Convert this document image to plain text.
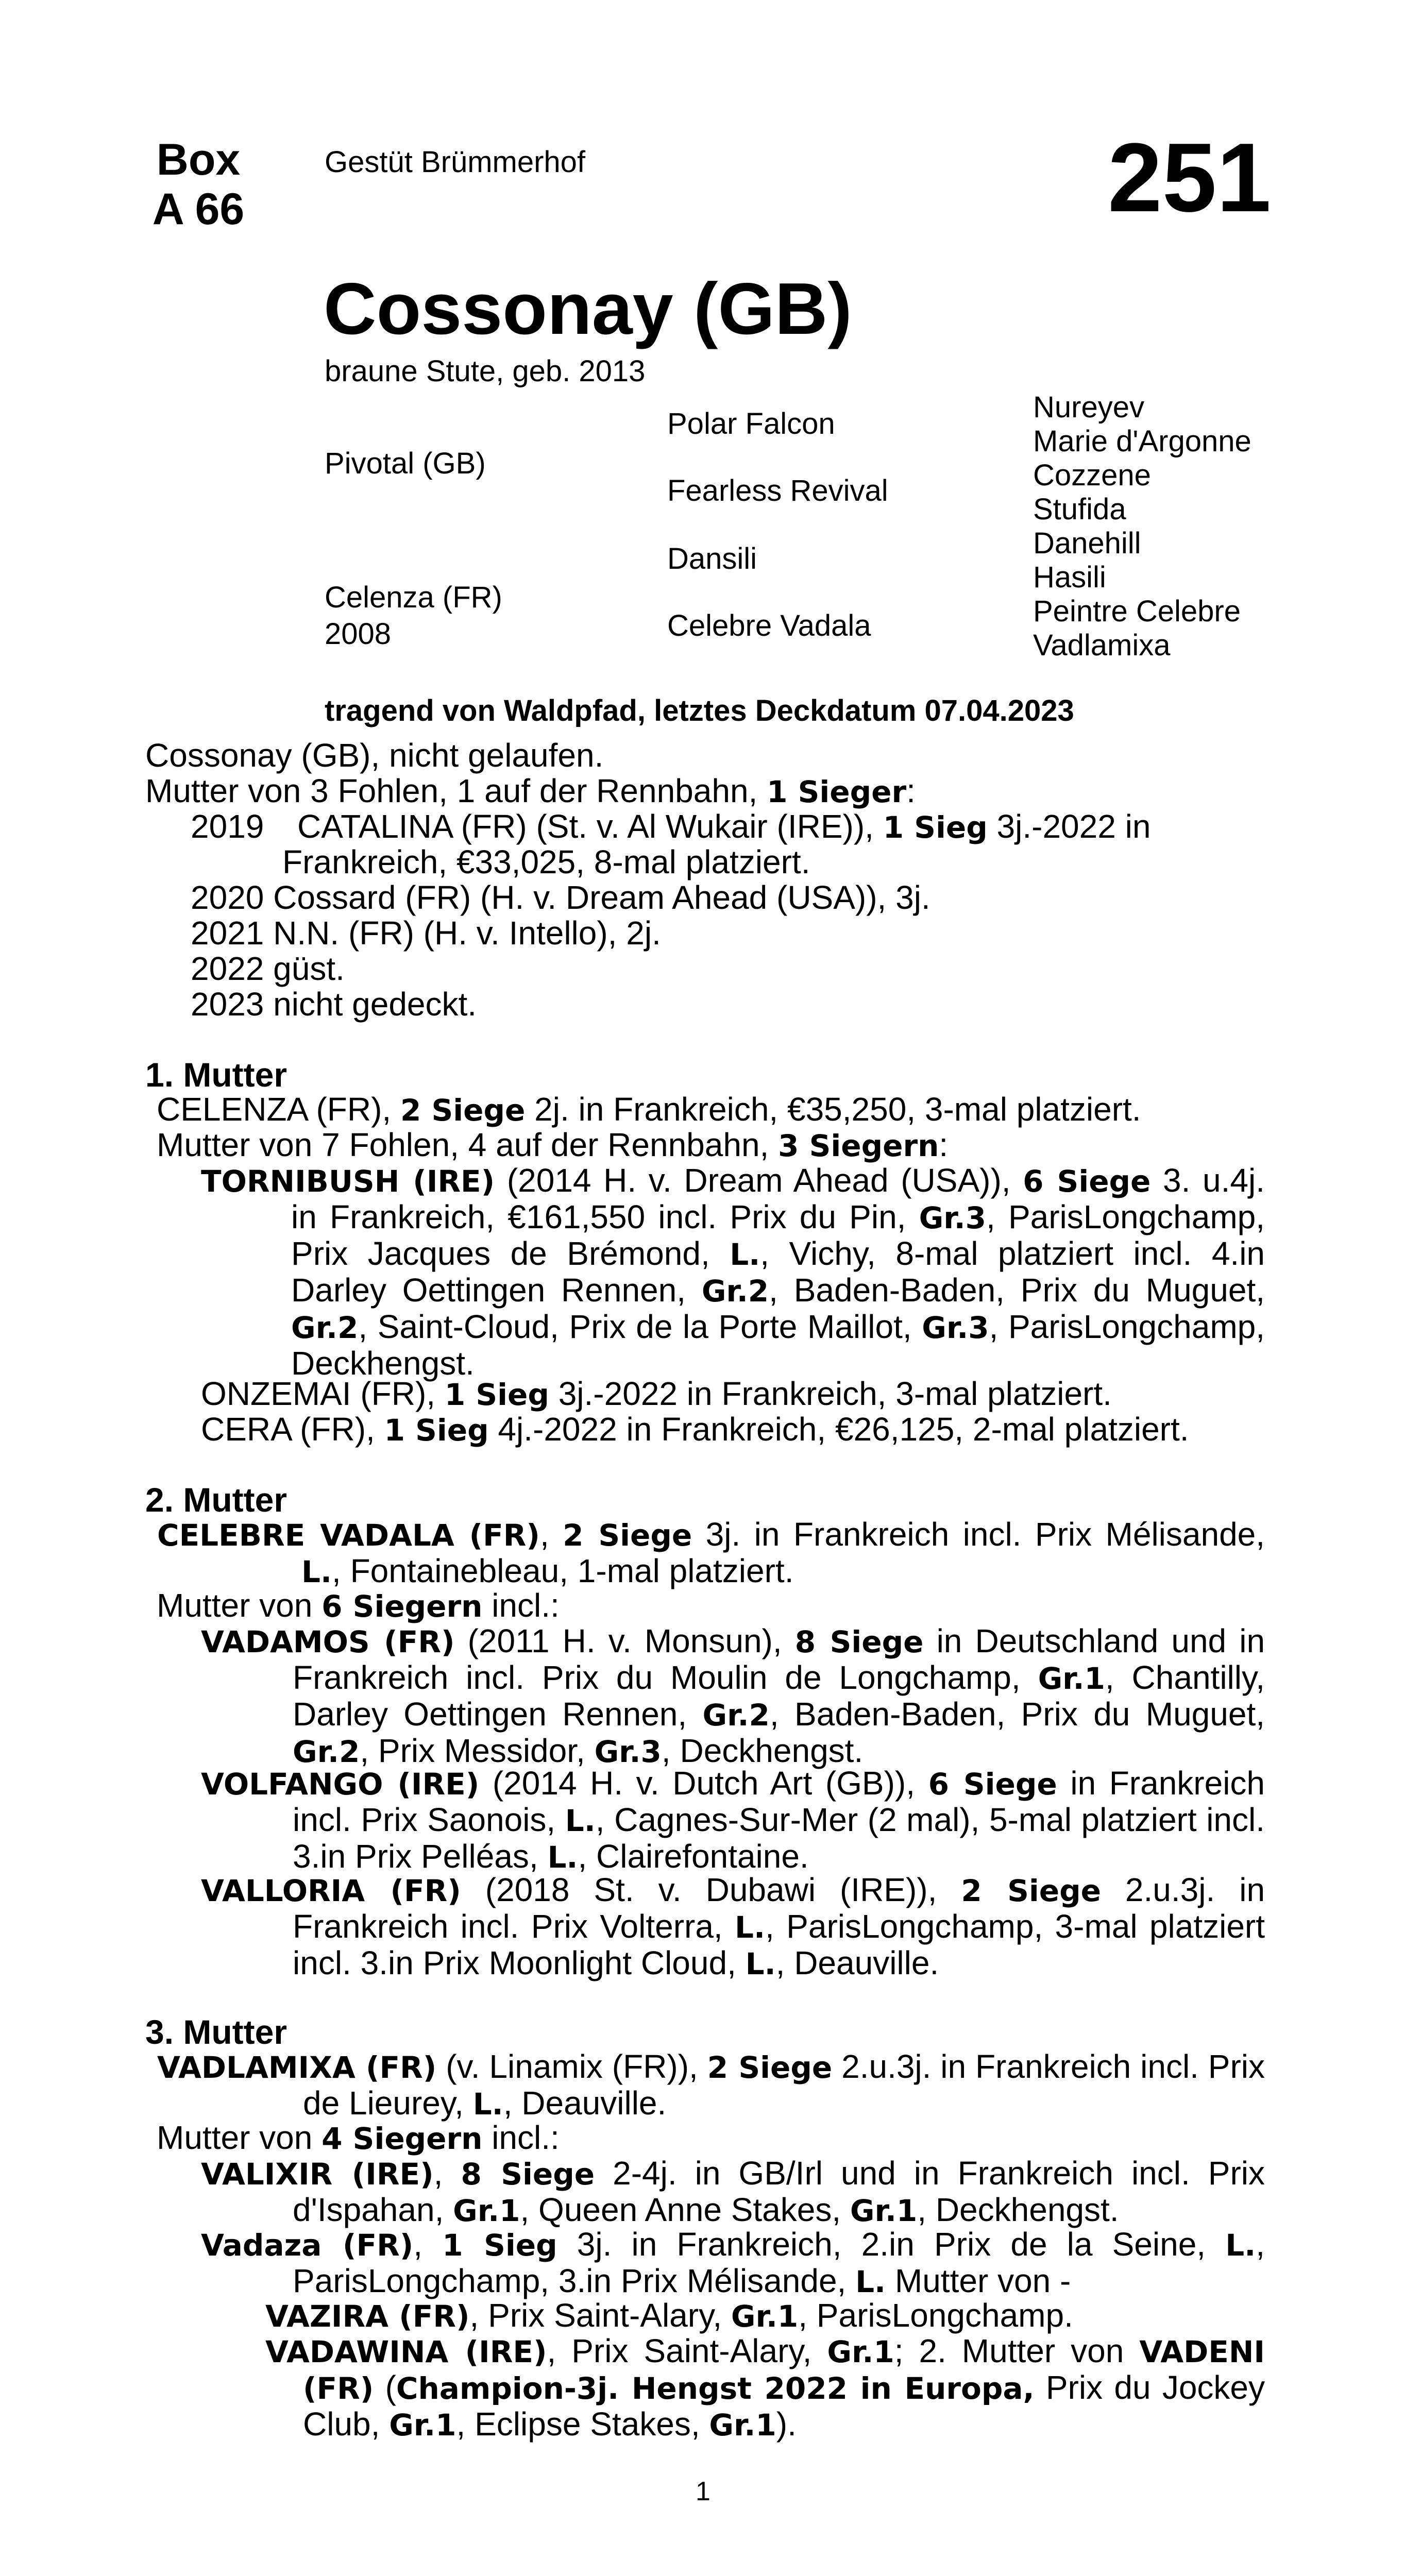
Box
A 66
Gestüt Brümmerhof	251
Cossonay (GB)
braune Stute, geb. 2013
Pivotal (GB)
Celenza (FR)
2008
Polar Falcon
Fearless Revival
Dansili
Celebre Vadala
Nureyev
Marie d'Argonne
Cozzene
Stufida
Danehill
Hasili
Peintre Celebre
Vadlamixa
tragend von Waldpfad, letztes Deckdatum 07.04.2023
Cossonay (GB), nicht gelaufen.
Mutter von 3 Fohlen, 1 auf der Rennbahn, 1 Sieger:
2019 CATALINA (FR) (St. v. Al Wukair (IRE)), 1 Sieg 3j.-2022 in
Frankreich, €33,025, 8-mal platziert.
2020 Cossard (FR) (H. v. Dream Ahead (USA)), 3j.
2021 N.N. (FR) (H. v. Intello), 2j.
2022 güst.
2023 nicht gedeckt.
1. Mutter
CELENZA (FR), 2 Siege 2j. in Frankreich, €35,250, 3-mal platziert.
Mutter von 7 Fohlen, 4 auf der Rennbahn, 3 Siegern:
TORNIBUSH (IRE) (2014 H. v. Dream Ahead (USA)), 6 Siege 3. u.4j. in Frankreich, €161,550 incl. Prix du Pin, Gr.3, ParisLongchamp, Prix Jacques de Brémond, L., Vichy, 8-mal platziert incl. 4.in Darley Oettingen Rennen, Gr.2, Baden-Baden, Prix du Muguet, Gr.2, Saint-Cloud, Prix de la Porte Maillot, Gr.3, ParisLongchamp, Deckhengst.
ONZEMAI (FR), 1 Sieg 3j.-2022 in Frankreich, 3-mal platziert.
CERA (FR), 1 Sieg 4j.-2022 in Frankreich, €26,125, 2-mal platziert.
2. Mutter
CELEBRE VADALA (FR), 2 Siege 3j. in Frankreich incl. Prix Mélisande, L., Fontainebleau, 1-mal platziert.
Mutter von 6 Siegern incl.:
VADAMOS (FR) (2011 H. v. Monsun), 8 Siege in Deutschland und in Frankreich incl. Prix du Moulin de Longchamp, Gr.1, Chantilly, Darley Oettingen Rennen, Gr.2, Baden-Baden, Prix du Muguet, Gr.2, Prix Messidor, Gr.3, Deckhengst.
VOLFANGO (IRE) (2014 H. v. Dutch Art (GB)), 6 Siege in Frankreich incl. Prix Saonois, L., Cagnes-Sur-Mer (2 mal), 5-mal platziert incl. 3.in Prix Pelléas, L., Clairefontaine.
VALLORIA (FR) (2018 St. v. Dubawi (IRE)), 2 Siege 2.u.3j. in Frankreich incl. Prix Volterra, L., ParisLongchamp, 3-mal platziert incl. 3.in Prix Moonlight Cloud, L., Deauville.
3. Mutter
VADLAMIXA (FR) (v. Linamix (FR)), 2 Siege 2.u.3j. in Frankreich incl. Prix de Lieurey, L., Deauville.
Mutter von 4 Siegern incl.:
VALIXIR (IRE), 8 Siege 2-4j. in GB/Irl und in Frankreich incl. Prix d'Ispahan, Gr.1, Queen Anne Stakes, Gr.1, Deckhengst.
Vadaza (FR), 1 Sieg 3j. in Frankreich, 2.in Prix de la Seine, L., ParisLongchamp, 3.in Prix Mélisande, L. Mutter von -
VAZIRA (FR), Prix Saint-Alary, Gr.1, ParisLongchamp.
VADAWINA (IRE), Prix Saint-Alary, Gr.1; 2. Mutter von VADENI (FR) (Champion-3j. Hengst 2022 in Europa, Prix du Jockey Club, Gr.1, Eclipse Stakes, Gr.1).
1
